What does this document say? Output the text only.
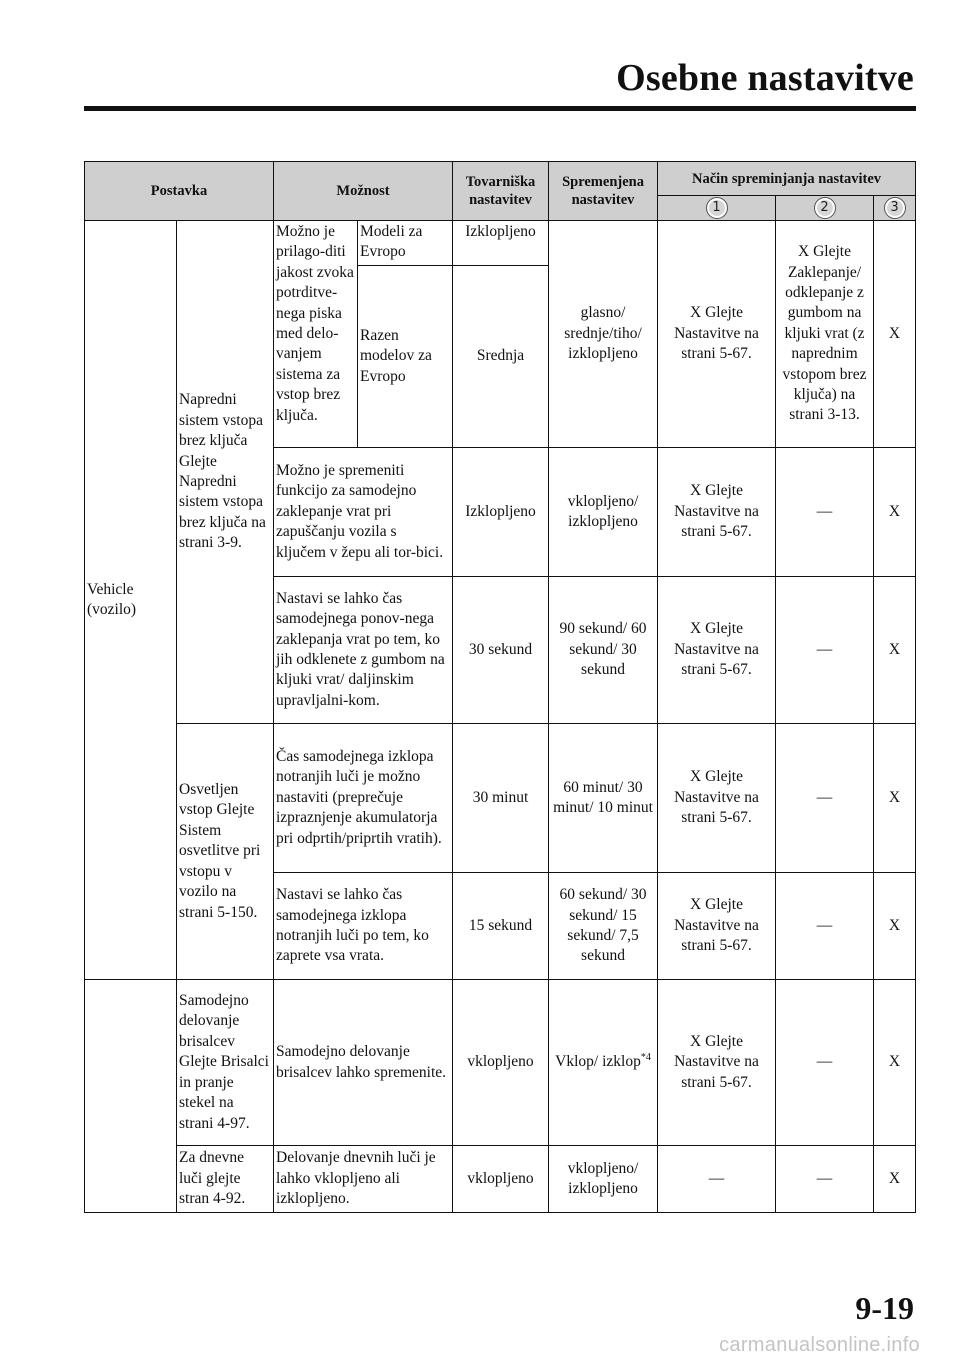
Osebne nastavitve
Postavka		Možnost		Tovarniška nastavitev	Spremenjena nastavitev	Način spreminjanja nastavitev		
						1	2	3
Vehicle (vozilo)	Napredni sistem vstopa brez ključa Glejte Napredni sistem vstopa brez ključa na strani 3-9.	Možno je prilago-diti jakost zvoka potrditve-nega piska med delo-vanjem sistema za vstop brez ključa.	Modeli za Evropo	Izklopljeno	glasno/ srednje/tiho/ izklopljeno	X Glejte Nastavitve na strani 5-67.	X Glejte Zaklepanje/ odklepanje z gumbom na kljuki vrat (z naprednim vstopom brez ključa) na strani 3-13.	X
			Razen modelov za Evropo	Srednja				
		Možno je spremeniti funkcijo za samodejno zaklepanje vrat pri zapuščanju vozila s ključem v žepu ali tor-bici.		Izklopljeno	vklopljeno/ izklopljeno	X Glejte Nastavitve na strani 5-67.	—	X
		Nastavi se lahko čas samodejnega ponov-nega zaklepanja vrat po tem, ko jih odklenete z gumbom na kljuki vrat/ daljinskim upravljalni-kom.		30 sekund	90 sekund/ 60 sekund/ 30 sekund	X Glejte Nastavitve na strani 5-67.	—	X
	Osvetljen vstop Glejte Sistem osvetlitve pri vstopu v vozilo na strani 5-150.	Čas samodejnega izklopa notranjih luči je možno nastaviti (preprečuje izpraznjenje akumulatorja pri odprtih/priprtih vratih).		30 minut	60 minut/ 30 minut/ 10 minut	X Glejte Nastavitve na strani 5-67.	—	X
		Nastavi se lahko čas samodejnega izklopa notranjih luči po tem, ko zaprete vsa vrata.		15 sekund	60 sekund/ 30 sekund/ 15 sekund/ 7,5 sekund	X Glejte Nastavitve na strani 5-67.	—	X
	Samodejno delovanje brisalcev Glejte Brisalci in pranje stekel na strani 4-97.	Samodejno delovanje brisalcev lahko spremenite.		vklopljeno	Vklop/ izklop$^{*4}$	X Glejte Nastavitve na strani 5-67.	—	X
	Za dnevne luči glejte stran 4-92.	Delovanje dnevnih luči je lahko vklopljeno ali izklopljeno.		vklopljeno	vklopljeno/ izklopljeno	—	—	X
9-19
carmanualsonline.info
